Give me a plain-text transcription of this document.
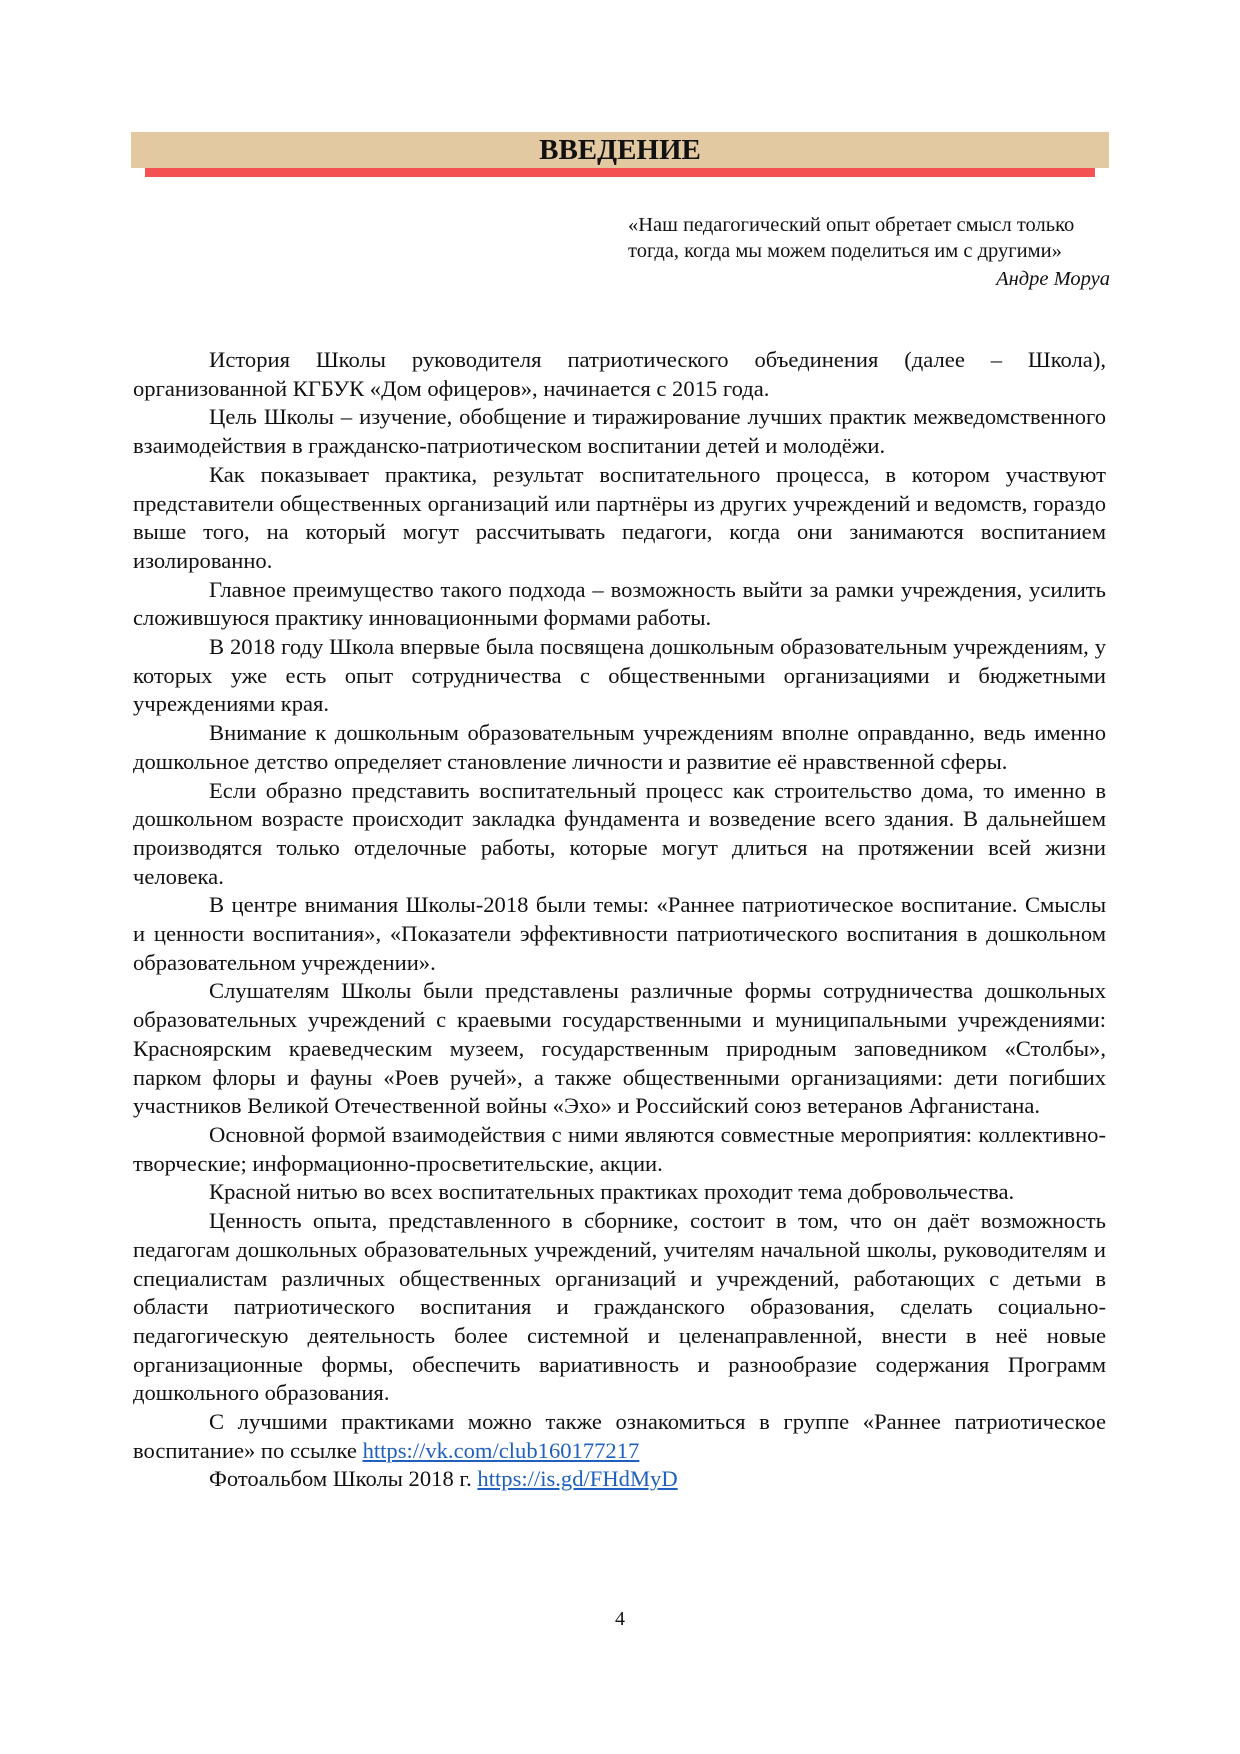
ВВЕДЕНИЕ
«Наш педагогический опыт обретает смысл только тогда, когда мы можем поделиться им с другими»
Андре Моруа

История Школы руководителя патриотического объединения (далее – Школа), организованной КГБУК «Дом офицеров», начинается с 2015 года.

Цель Школы – изучение, обобщение и тиражирование лучших практик межведомственного взаимодействия в гражданско-патриотическом воспитании детей и молодёжи.

Как показывает практика, результат воспитательного процесса, в котором участвуют представители общественных организаций или партнёры из других учреждений и ведомств, гораздо выше того, на который могут рассчитывать педагоги, когда они занимаются воспитанием изолированно.

Главное преимущество такого подхода – возможность выйти за рамки учреждения, усилить сложившуюся практику инновационными формами работы.

В 2018 году Школа впервые была посвящена дошкольным образовательным учреждениям, у которых уже есть опыт сотрудничества с общественными организациями и бюджетными учреждениями края.

Внимание к дошкольным образовательным учреждениям вполне оправданно, ведь именно дошкольное детство определяет становление личности и развитие её нравственной сферы.

Если образно представить воспитательный процесс как строительство дома, то именно в дошкольном возрасте происходит закладка фундамента и возведение всего здания. В дальнейшем производятся только отделочные работы, которые могут длиться на протяжении всей жизни человека.

В центре внимания Школы-2018 были темы: «Раннее патриотическое воспитание. Смыслы и ценности воспитания», «Показатели эффективности патриотического воспитания в дошкольном образовательном учреждении».

Слушателям Школы были представлены различные формы сотрудничества дошкольных образовательных учреждений с краевыми государственными и муниципальными учреждениями: Красноярским краеведческим музеем, государственным природным заповедником «Столбы», парком флоры и фауны «Роев ручей», а также общественными организациями: дети погибших участников Великой Отечественной войны «Эхо» и Российский союз ветеранов Афганистана.

Основной формой взаимодействия с ними являются совместные мероприятия: коллективно-творческие; информационно-просветительские, акции.

Красной нитью во всех воспитательных практиках проходит тема добровольчества.

Ценность опыта, представленного в сборнике, состоит в том, что он даёт возможность педагогам дошкольных образовательных учреждений, учителям начальной школы, руководителям и специалистам различных общественных организаций и учреждений, работающих с детьми в области патриотического воспитания и гражданского образования, сделать социально-педагогическую деятельность более системной и целенаправленной, внести в неё новые организационные формы, обеспечить вариативность и разнообразие содержания Программ дошкольного образования.

С лучшими практиками можно также ознакомиться в группе «Раннее патриотическое воспитание» по ссылке https://vk.com/club160177217

Фотоальбом Школы 2018 г. https://is.gd/FHdMyD

4
